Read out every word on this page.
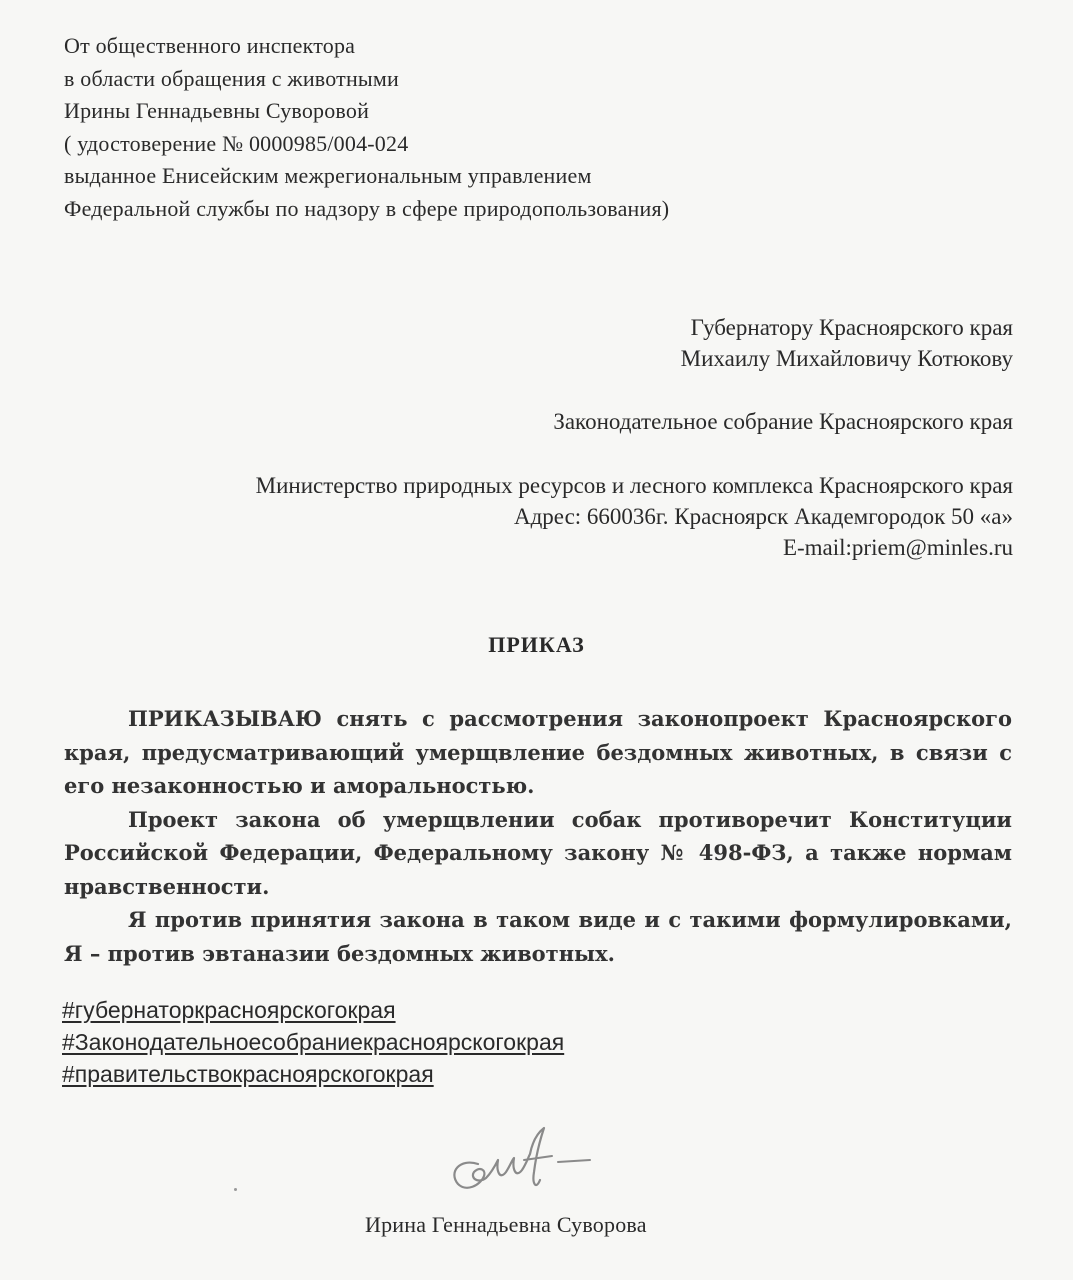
От общественного инспектора
в области обращения с животными
Ирины Геннадьевны Суворовой
( удостоверение № 0000985/004-024
выданное Енисейским межрегиональным управлением
Федеральной службы по надзору в сфере природопользования)
Губернатору Красноярского края
Михаилу Михайловичу Котюкову
Законодательное собрание Красноярского края
Министерство природных ресурсов и лесного комплекса Красноярского края
Адрес: 660036г. Красноярск Академгородок 50 «а»
E-mail:priem@minles.ru
ПРИКАЗ

ПРИКАЗЫВАЮ снять с рассмотрения законопроект Красноярского края, предусматривающий умерщвление бездомных животных, в связи с его незаконностью и аморальностью.

Проект закона об умерщвлении собак противоречит Конституции Российской Федерации, Федеральному закону № 498-ФЗ, а также нормам нравственности.

Я против принятия закона в таком виде и с такими формулировками, Я – против эвтаназии бездомных животных.

#губернаторкрасноярскогокрая
#Законодательноесобраниекрасноярскогокрая
#правительствокрасноярскогокрая
Ирина Геннадьевна Суворова
